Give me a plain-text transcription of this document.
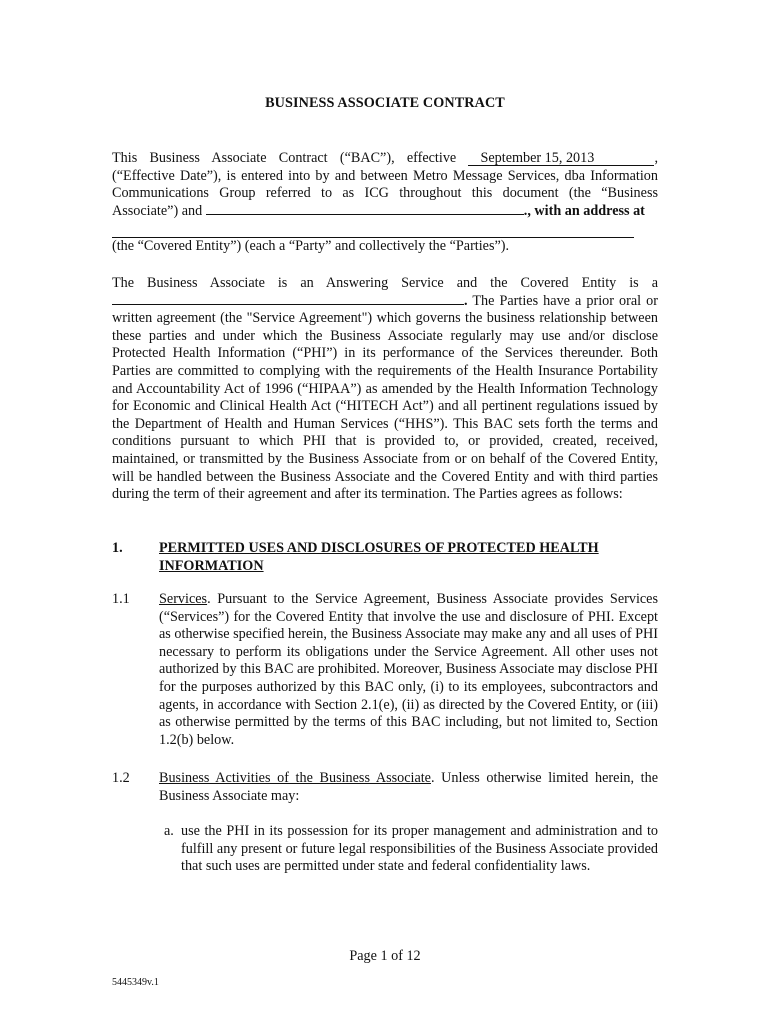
BUSINESS ASSOCIATE CONTRACT
This Business Associate Contract (“BAC”), effective September 15, 2013	, (“Effective Date”), is entered into by and between Metro Message Services, dba Information Communications Group referred to as ICG throughout this document (the “Business Associate”) and	., with an address at
(the “Covered Entity”) (each a “Party” and collectively the “Parties”).
The Business Associate is an Answering Service and the Covered Entity is a . The Parties have a prior oral or written agreement (the "Service Agreement") which governs the business relationship between these parties and under which the Business Associate regularly may use and/or disclose Protected Health Information (“PHI”) in its performance of the Services thereunder. Both Parties are committed to complying with the requirements of the Health Insurance Portability and Accountability Act of 1996 (“HIPAA”) as amended by the Health Information Technology for Economic and Clinical Health Act (“HITECH Act”) and all pertinent regulations issued by the Department of Health and Human Services (“HHS”). This BAC sets forth the terms and conditions pursuant to which PHI that is provided to, or provided, created, received, maintained, or transmitted by the Business Associate from or on behalf of the Covered Entity, will be handled between the Business Associate and the Covered Entity and with third parties during the term of their agreement and after its termination. The Parties agrees as follows:
1.	PERMITTED USES AND DISCLOSURES OF PROTECTED HEALTH INFORMATION
1.1 Services. Pursuant to the Service Agreement, Business Associate provides Services (“Services”) for the Covered Entity that involve the use and disclosure of PHI. Except as otherwise specified herein, the Business Associate may make any and all uses of PHI necessary to perform its obligations under the Service Agreement. All other uses not authorized by this BAC are prohibited. Moreover, Business Associate may disclose PHI for the purposes authorized by this BAC only, (i) to its employees, subcontractors and agents, in accordance with Section 2.1(e), (ii) as directed by the Covered Entity, or (iii) as otherwise permitted by the terms of this BAC including, but not limited to, Section 1.2(b) below.
1.2 Business Activities of the Business Associate. Unless otherwise limited herein, the Business Associate may:
a. use the PHI in its possession for its proper management and administration and to fulfill any present or future legal responsibilities of the Business Associate provided that such uses are permitted under state and federal confidentiality laws.
Page 1 of 12
5445349v.1
